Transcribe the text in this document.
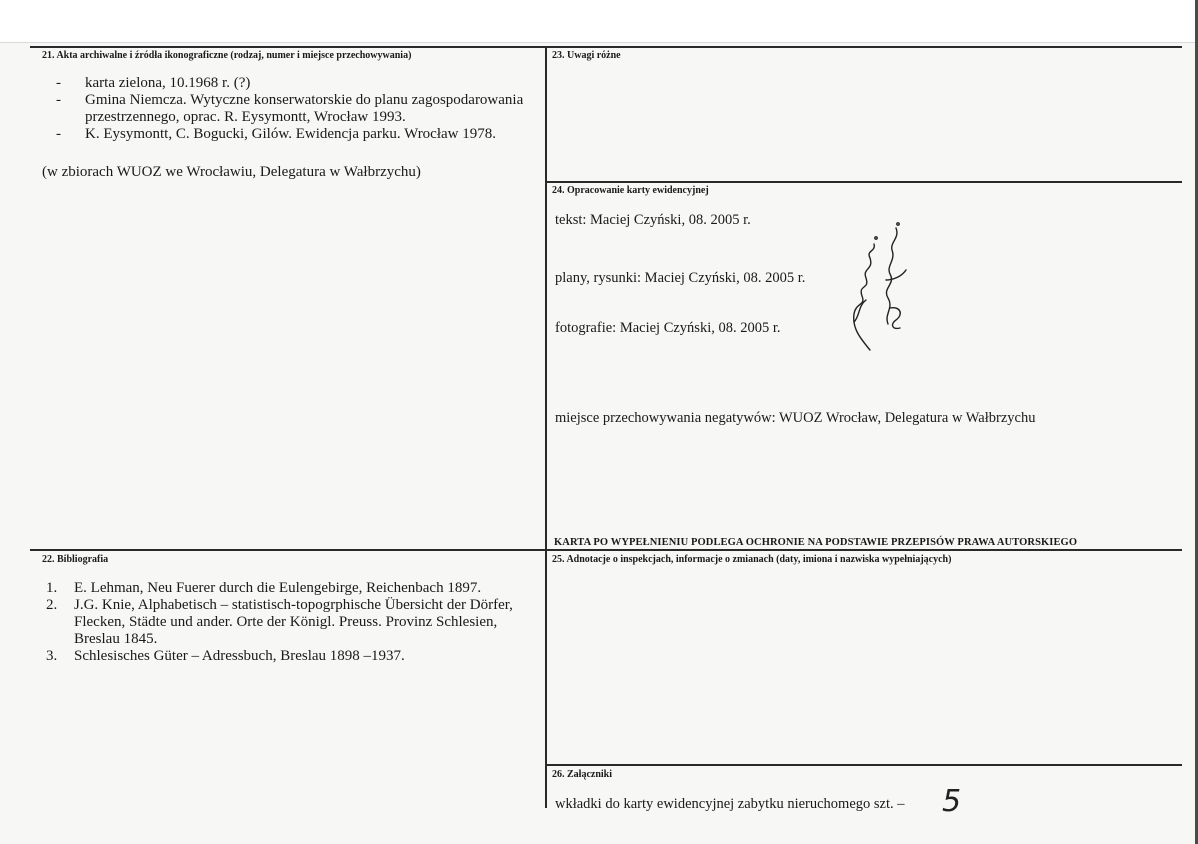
21. Akta archiwalne i źródła ikonograficzne (rodzaj, numer i miejsce przechowywania)
- karta zielona, 10.1968 r. (?)
- Gmina Niemcza. Wytyczne konserwatorskie do planu zagospodarowania przestrzennego, oprac. R. Eysymontt, Wrocław 1993.
- K. Eysymontt, C. Bogucki, Gilów. Ewidencja parku. Wrocław 1978.
(w zbiorach WUOZ we Wrocławiu, Delegatura w Wałbrzychu)
23. Uwagi różne
24. Opracowanie karty ewidencyjnej
tekst: Maciej Czyński, 08. 2005 r.
plany, rysunki: Maciej Czyński, 08. 2005 r.
fotografie: Maciej Czyński, 08. 2005 r.
miejsce przechowywania negatywów: WUOZ Wrocław, Delegatura w Wałbrzychu
KARTA PO WYPEŁNIENIU PODLEGA OCHRONIE NA PODSTAWIE PRZEPISÓW PRAWA AUTORSKIEGO
22. Bibliografia
1. E. Lehman, Neu Fuerer durch die Eulengebirge, Reichenbach 1897.
2. J.G. Knie, Alphabetisch – statistisch-topogrphische Übersicht der Dörfer, Flecken, Städte und ander. Orte der Königl. Preuss. Provinz Schlesien, Breslau 1845.
3. Schlesisches Güter – Adressbuch, Breslau 1898 –1937.
25. Adnotacje o inspekcjach, informacje o zmianach (daty, imiona i nazwiska wypełniających)
26. Załączniki
wkładki do karty ewidencyjnej zabytku nieruchomego szt. – 5
